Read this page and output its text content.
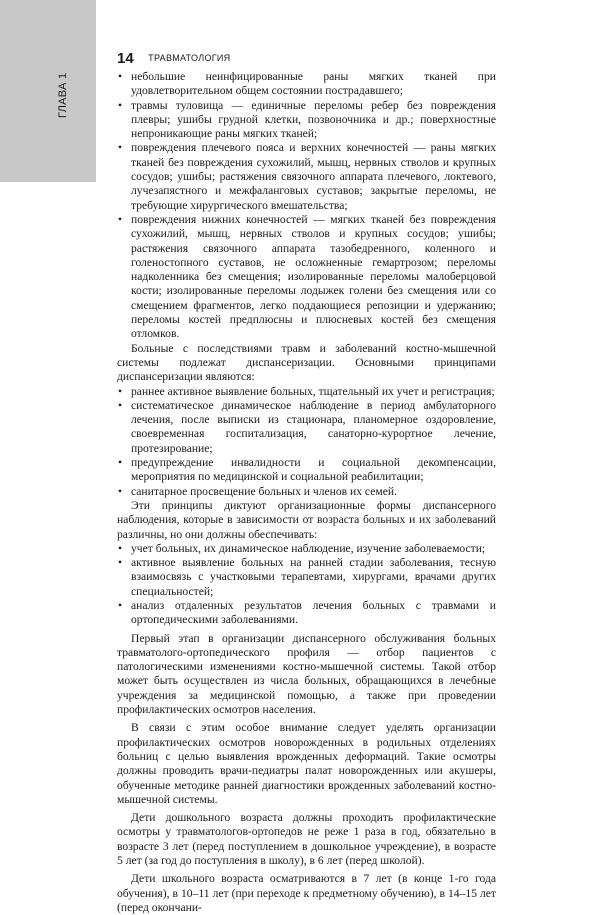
ГЛАВА 1
14 ТРАВМАТОЛОГИЯ
• небольшие неинфицированные раны мягких тканей при удовлетворительном общем состоянии пострадавшего;
• травмы туловища — единичные переломы ребер без повреждения плевры; ушибы грудной клетки, позвоночника и др.; поверхностные непроникающие раны мягких тканей;
• повреждения плечевого пояса и верхних конечностей — раны мягких тканей без повреждения сухожилий, мышц, нервных стволов и крупных сосудов; ушибы; растяжения связочного аппарата плечевого, локтевого, лучезапястного и межфаланговых суставов; закрытые переломы, не требующие хирургического вмешательства;
• повреждения нижних конечностей — мягких тканей без повреждения сухожилий, мышц, нервных стволов и крупных сосудов; ушибы; растяжения связочного аппарата тазобедренного, коленного и голеностопного суставов, не осложненные гемартрозом; переломы надколенника без смещения; изолированные переломы малоберцовой кости; изолированные переломы лодыжек голени без смещения или со смещением фрагментов, легко поддающиеся репозиции и удержанию; переломы костей предплюсны и плюсневых костей без смещения отломков.

Больные с последствиями травм и заболеваний костно-мышечной системы подлежат диспансеризации. Основными принципами диспансеризации являются:

• раннее активное выявление больных, тщательный их учет и регистрация;
• систематическое динамическое наблюдение в период амбулаторного лечения, после выписки из стационара, планомерное оздоровление, своевременная госпитализация, санаторно-курортное лечение, протезирование;
• предупреждение инвалидности и социальной декомпенсации, мероприятия по медицинской и социальной реабилитации;
• санитарное просвещение больных и членов их семей.

Эти принципы диктуют организационные формы диспансерного наблюдения, которые в зависимости от возраста больных и их заболеваний различны, но они должны обеспечивать:

• учет больных, их динамическое наблюдение, изучение заболеваемости;
• активное выявление больных на ранней стадии заболевания, тесную взаимосвязь с участковыми терапевтами, хирургами, врачами других специальностей;
• анализ отдаленных результатов лечения больных с травмами и ортопедическими заболеваниями.

Первый этап в организации диспансерного обслуживания больных травматолого-ортопедического профиля — отбор пациентов с патологическими изменениями костно-мышечной системы. Такой отбор может быть осуществлен из числа больных, обращающихся в лечебные учреждения за медицинской помощью, а также при проведении профилактических осмотров населения.

В связи с этим особое внимание следует уделять организации профилактических осмотров новорожденных в родильных отделениях больниц с целью выявления врожденных деформаций. Такие осмотры должны проводить врачи-педиатры палат новорожденных или акушеры, обученные методике ранней диагностики врожденных заболеваний костно-мышечной системы.

Дети дошкольного возраста должны проходить профилактические осмотры у травматологов-ортопедов не реже 1 раза в год, обязательно в возрасте 3 лет (перед поступлением в дошкольное учреждение), в возрасте 5 лет (за год до поступления в школу), в 6 лет (перед школой).

Дети школьного возраста осматриваются в 7 лет (в конце 1-го года обучения), в 10–11 лет (при переходе к предметному обучению), в 14–15 лет (перед окончани-
